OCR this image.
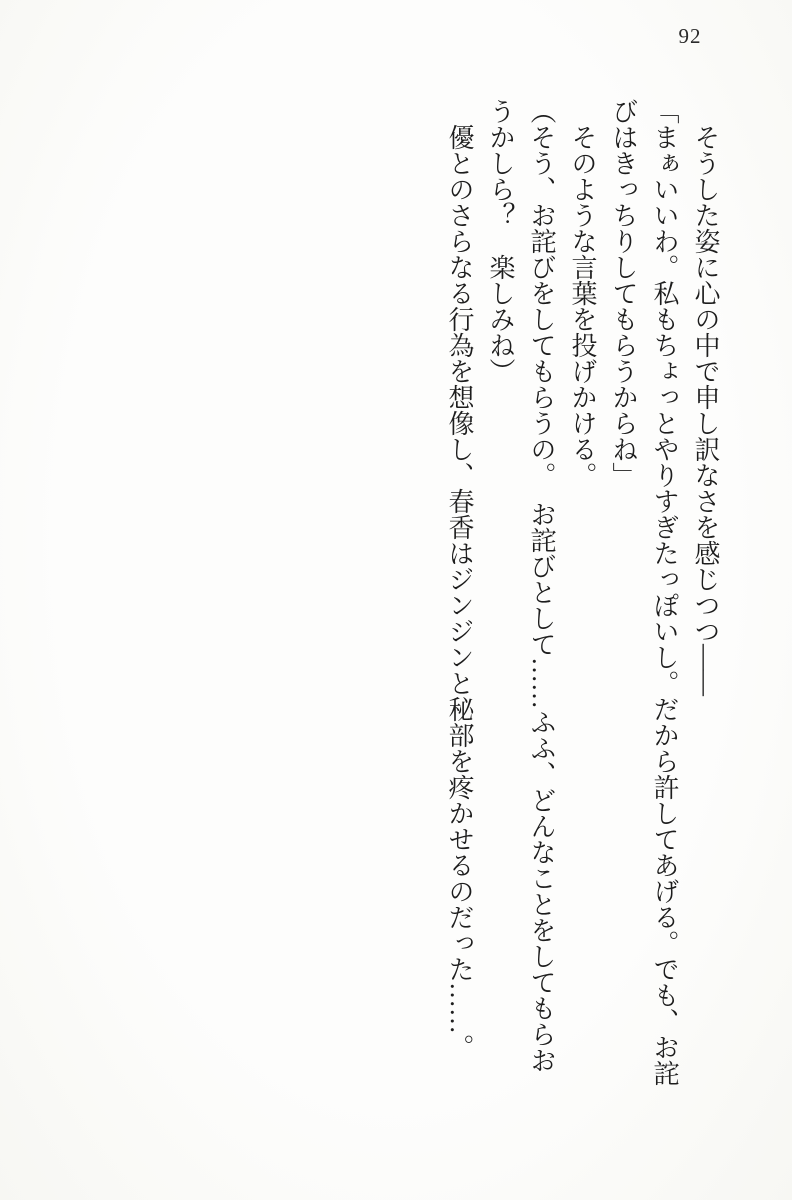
92

　そうした姿に心の中で申し訳なさを感じつつ――

「まぁいいわ。私もちょっとやりすぎたっぽいし。だから許してあげる。でも、お詫びはきっちりしてもらうからね」

　そのような言葉を投げかける。

（そう、お詫びをしてもらうの。　お詫びとして……ふふ、どんなことをしてもらおうかしら？　楽しみね）

　優とのさらなる行為を想像し、春香はジンジンと秘部を疼かせるのだった……。
